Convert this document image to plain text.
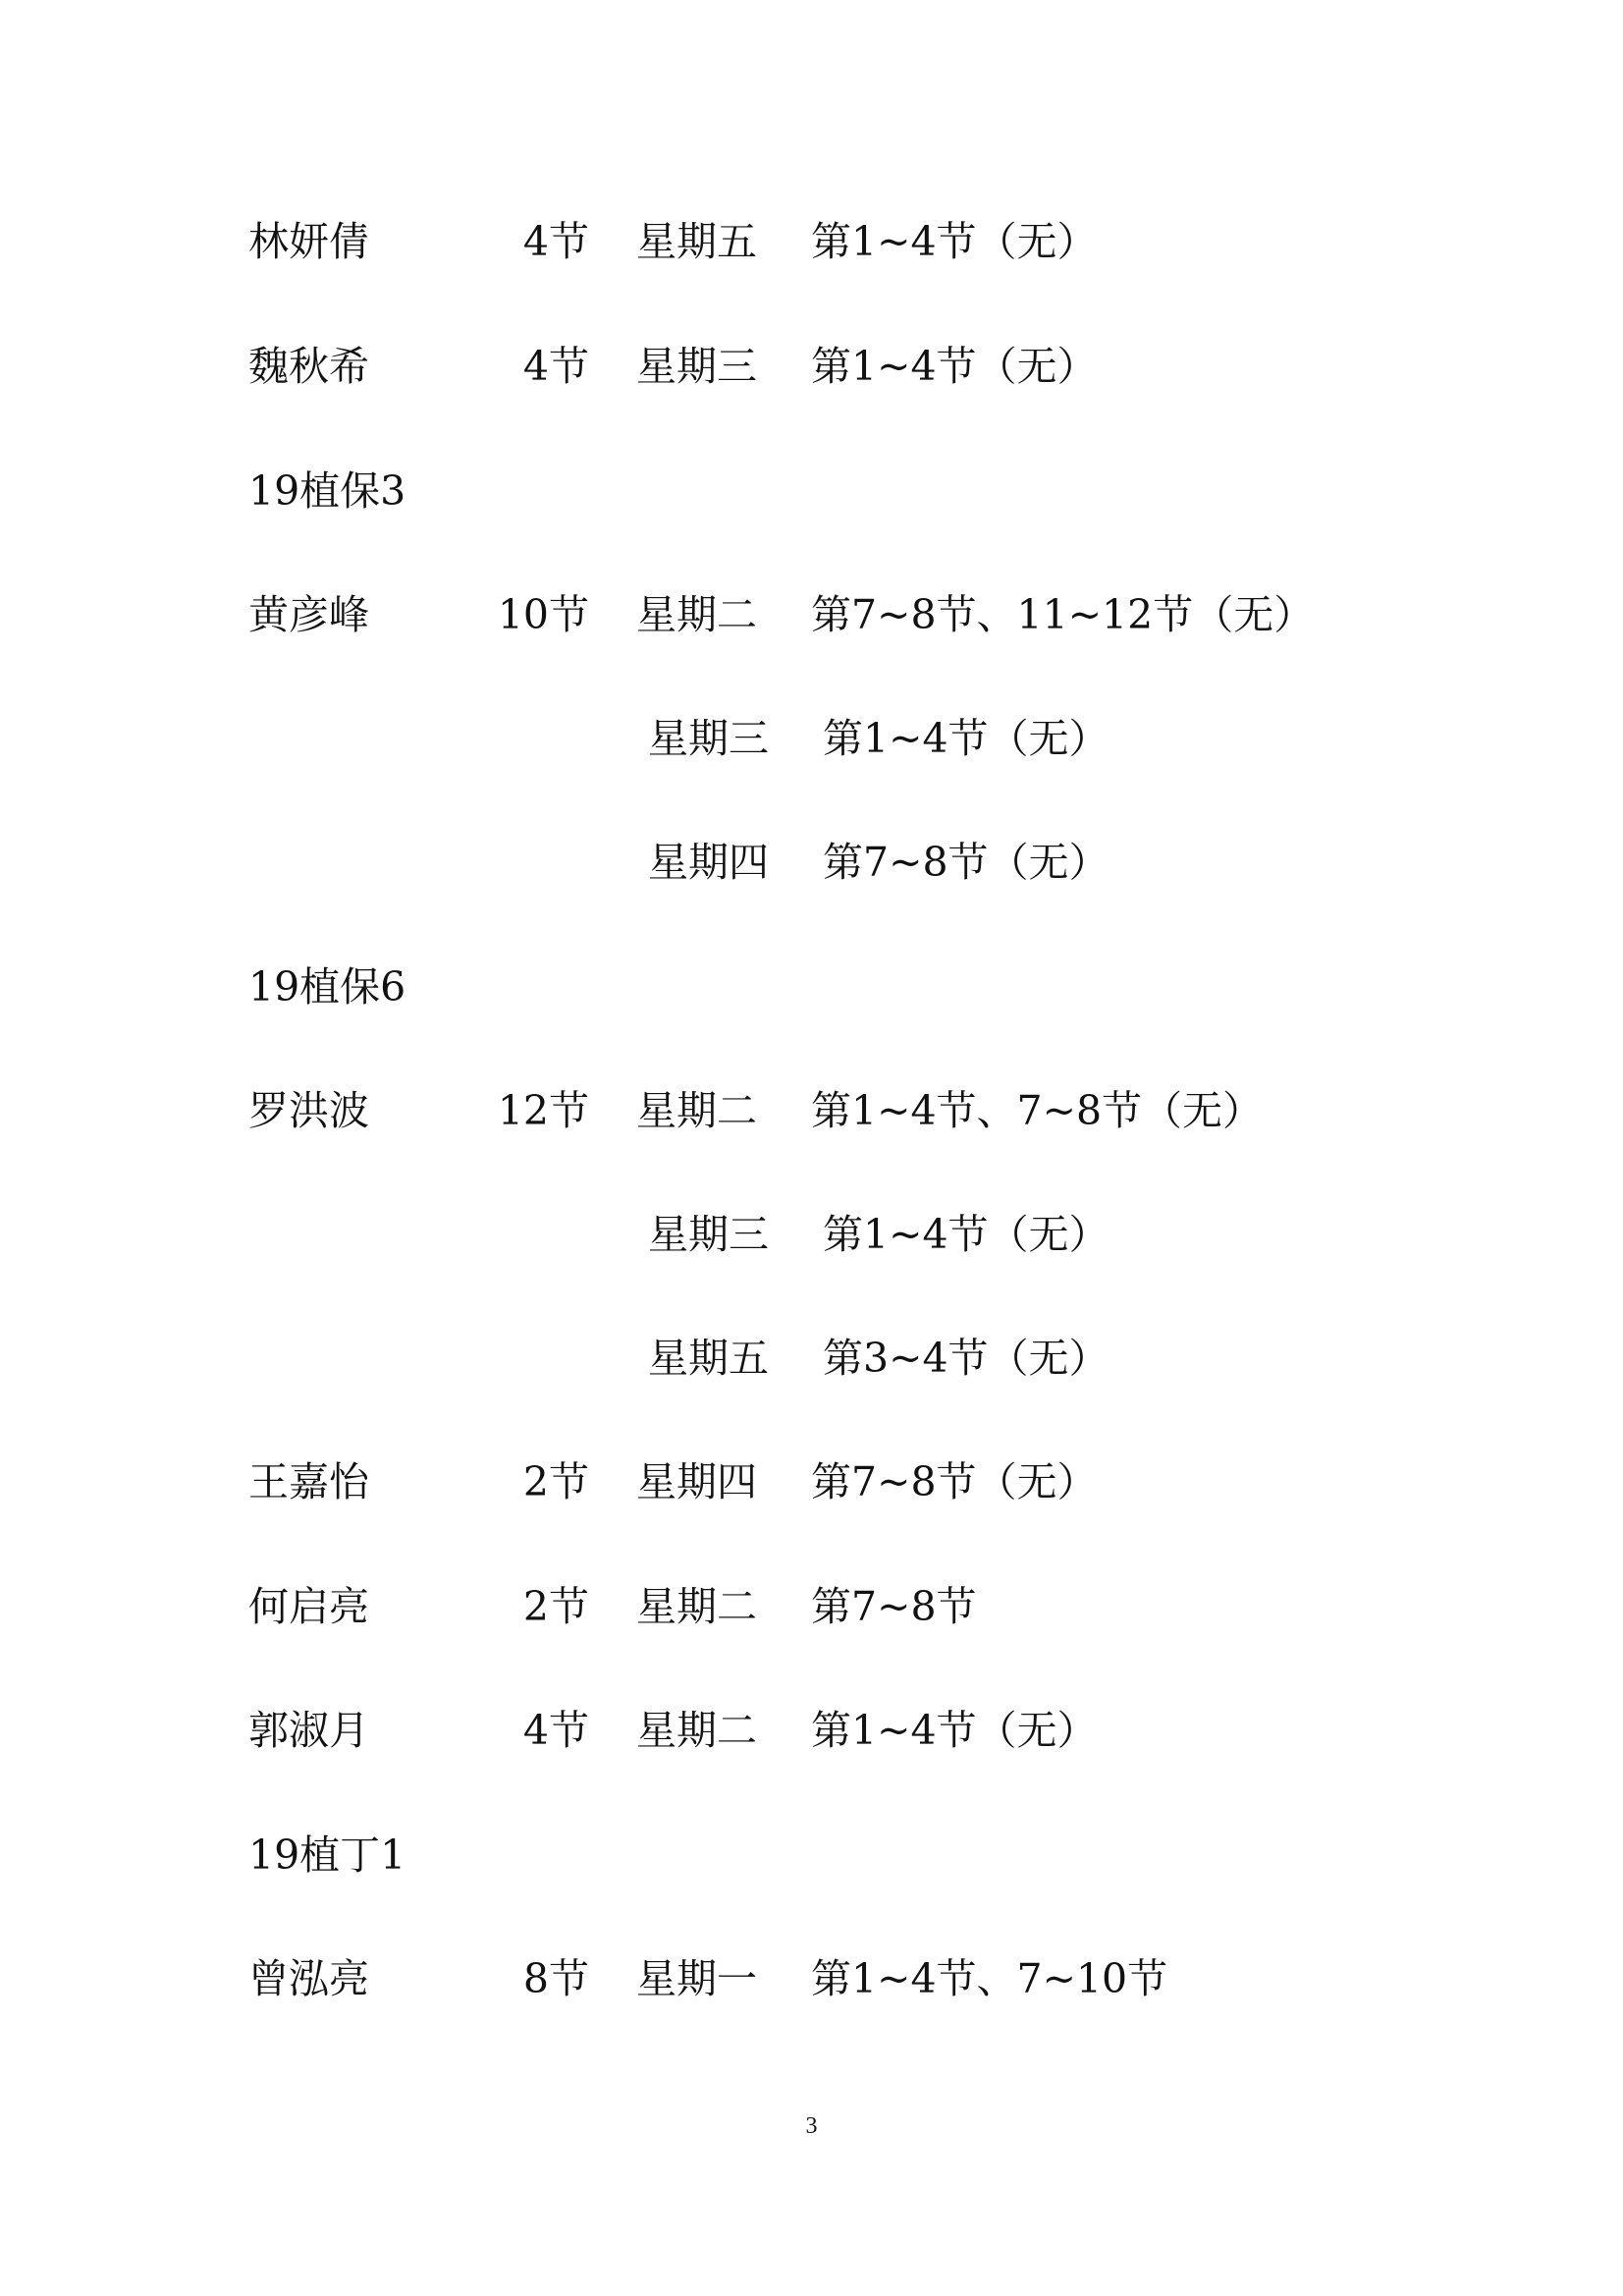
林妍倩	4节 星期五 第1~4节（无）
魏秋希	4节 星期三 第1~4节（无）
19植保3
黄彦峰	10节 星期二 第7~8节、11~12节（无）
星期三 第1~4节（无）
星期四 第7~8节（无）
19植保6
罗洪波	12节 星期二 第1~4节、7~8节（无）
星期三 第1~4节（无）
星期五 第3~4节（无）
王嘉怡	2节 星期四 第7~8节（无）
何启亮	2节 星期二 第7~8节
郭淑月	4节 星期二 第1~4节（无）
19植丁1
曾泓亮	8节 星期一 第1~4节、7~10节
3
